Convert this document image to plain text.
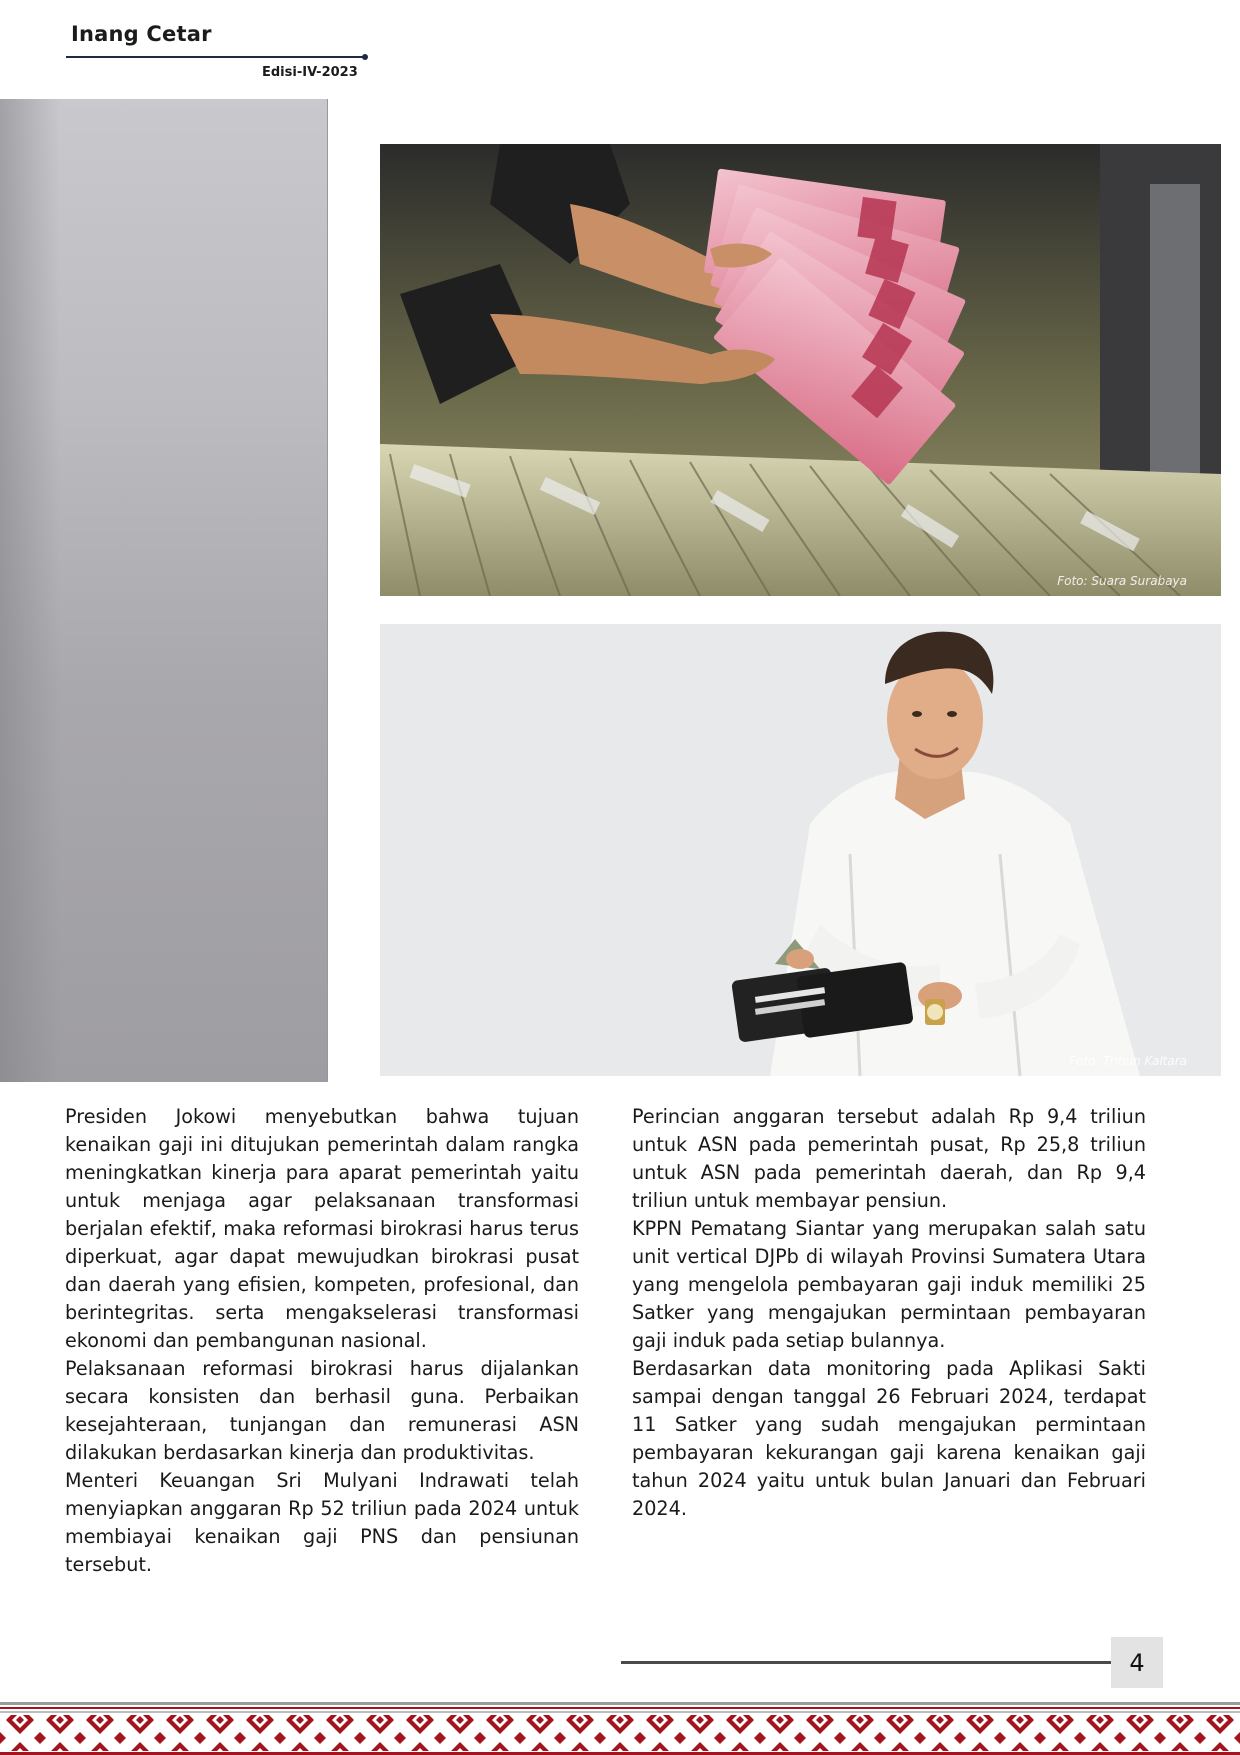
Inang Cetar
Edisi-IV-2023
Foto: Suara Surabaya
Foto: Tribun Kaltara

Presiden Jokowi menyebutkan bahwa tujuan kenaikan gaji ini ditujukan pemerintah dalam rangka meningkatkan kinerja para aparat pemerintah yaitu untuk menjaga agar pelaksanaan transformasi berjalan efektif, maka reformasi birokrasi harus terus diperkuat, agar dapat mewujudkan birokrasi pusat dan daerah yang efisien, kompeten, profesional, dan berintegritas. serta mengakselerasi transformasi ekonomi dan pembangunan nasional.

Pelaksanaan reformasi birokrasi harus dijalankan secara konsisten dan berhasil guna. Perbaikan kesejahteraan, tunjangan dan remunerasi ASN dilakukan berdasarkan kinerja dan produktivitas.

Menteri Keuangan Sri Mulyani Indrawati telah menyiapkan anggaran Rp 52 triliun pada 2024 untuk membiayai kenaikan gaji PNS dan pensiunan tersebut.

Perincian anggaran tersebut adalah Rp 9,4 triliun untuk ASN pada pemerintah pusat, Rp 25,8 triliun untuk ASN pada pemerintah daerah, dan Rp 9,4 triliun untuk membayar pensiun.

KPPN Pematang Siantar yang merupakan salah satu unit vertical DJPb di wilayah Provinsi Sumatera Utara yang mengelola pembayaran gaji induk memiliki 25 Satker yang mengajukan permintaan pembayaran gaji induk pada setiap bulannya.

Berdasarkan data monitoring pada Aplikasi Sakti sampai dengan tanggal 26 Februari 2024, terdapat 11 Satker yang sudah mengajukan permintaan pembayaran kekurangan gaji karena kenaikan gaji tahun 2024 yaitu untuk bulan Januari dan Februari 2024.

4
